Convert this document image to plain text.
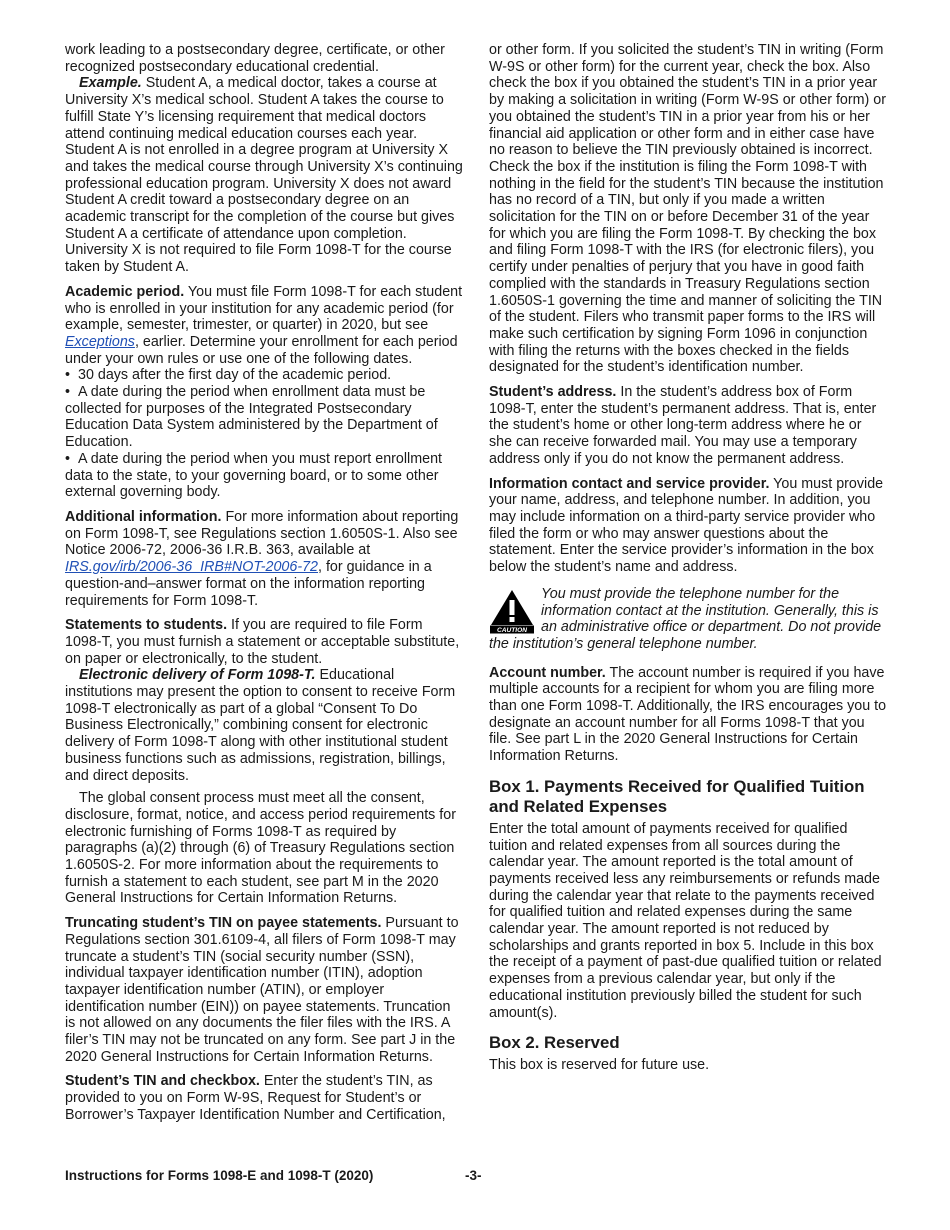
work leading to a postsecondary degree, certificate, or other recognized postsecondary educational credential.

Example. Student A, a medical doctor, takes a course at University X’s medical school. Student A takes the course to fulfill State Y’s licensing requirement that medical doctors attend continuing medical education courses each year. Student A is not enrolled in a degree program at University X and takes the medical course through University X’s continuing professional education program. University X does not award Student A credit toward a postsecondary degree on an academic transcript for the completion of the course but gives Student A a certificate of attendance upon completion. University X is not required to file Form 1098-T for the course taken by Student A.

Academic period. You must file Form 1098-T for each student who is enrolled in your institution for any academic period (for example, semester, trimester, or quarter) in 2020, but see Exceptions, earlier. Determine your enrollment for each period under your own rules or use one of the following dates.

• 30 days after the first day of the academic period.

• A date during the period when enrollment data must be collected for purposes of the Integrated Postsecondary Education Data System administered by the Department of Education.

• A date during the period when you must report enrollment data to the state, to your governing board, or to some other external governing body.

Additional information. For more information about reporting on Form 1098-T, see Regulations section 1.6050S-1. Also see Notice 2006-72, 2006-36 I.R.B. 363, available at IRS.gov/irb/2006-36_IRB#NOT-2006-72, for guidance in a question-and–answer format on the information reporting requirements for Form 1098-T.

Statements to students. If you are required to file Form 1098-T, you must furnish a statement or acceptable substitute, on paper or electronically, to the student.

Electronic delivery of Form 1098-T. Educational institutions may present the option to consent to receive Form 1098-T electronically as part of a global “Consent To Do Business Electronically,” combining consent for electronic delivery of Form 1098-T along with other institutional student business functions such as admissions, registration, billings, and direct deposits.

The global consent process must meet all the consent, disclosure, format, notice, and access period requirements for electronic furnishing of Forms 1098-T as required by paragraphs (a)(2) through (6) of Treasury Regulations section 1.6050S-2. For more information about the requirements to furnish a statement to each student, see part M in the 2020 General Instructions for Certain Information Returns.

Truncating student’s TIN on payee statements. Pursuant to Regulations section 301.6109-4, all filers of Form 1098-T may truncate a student’s TIN (social security number (SSN), individual taxpayer identification number (ITIN), adoption taxpayer identification number (ATIN), or employer identification number (EIN)) on payee statements. Truncation is not allowed on any documents the filer files with the IRS. A filer’s TIN may not be truncated on any form. See part J in the 2020 General Instructions for Certain Information Returns.

Student’s TIN and checkbox. Enter the student’s TIN, as provided to you on Form W-9S, Request for Student’s or Borrower’s Taxpayer Identification Number and Certification,

or other form. If you solicited the student’s TIN in writing (Form W-9S or other form) for the current year, check the box. Also check the box if you obtained the student’s TIN in a prior year by making a solicitation in writing (Form W-9S or other form) or you obtained the student’s TIN in a prior year from his or her financial aid application or other form and in either case have no reason to believe the TIN previously obtained is incorrect. Check the box if the institution is filing the Form 1098-T with nothing in the field for the student’s TIN because the institution has no record of a TIN, but only if you made a written solicitation for the TIN on or before December 31 of the year for which you are filing the Form 1098-T. By checking the box and filing Form 1098-T with the IRS (for electronic filers), you certify under penalties of perjury that you have in good faith complied with the standards in Treasury Regulations section 1.6050S-1 governing the time and manner of soliciting the TIN of the student. Filers who transmit paper forms to the IRS will make such certification by signing Form 1096 in conjunction with filing the returns with the boxes checked in the fields designated for the student’s identification number.

Student’s address. In the student’s address box of Form 1098-T, enter the student’s permanent address. That is, enter the student’s home or other long-term address where he or she can receive forwarded mail. You may use a temporary address only if you do not know the permanent address.

Information contact and service provider. You must provide your name, address, and telephone number. In addition, you may include information on a third-party service provider who filed the form or who may answer questions about the statement. Enter the service provider’s information in the box below the student’s name and address.

CAUTION
You must provide the telephone number for the information contact at the institution. Generally, this is an administrative office or department. Do not provide the institution’s general telephone number.

Account number. The account number is required if you have multiple accounts for a recipient for whom you are filing more than one Form 1098-T. Additionally, the IRS encourages you to designate an account number for all Forms 1098-T that you file. See part L in the 2020 General Instructions for Certain Information Returns.

Box 1. Payments Received for Qualified Tuition and Related Expenses

Enter the total amount of payments received for qualified tuition and related expenses from all sources during the calendar year. The amount reported is the total amount of payments received less any reimbursements or refunds made during the calendar year that relate to the payments received for qualified tuition and related expenses during the same calendar year. The amount reported is not reduced by scholarships and grants reported in box 5. Include in this box the receipt of a payment of past-due qualified tuition or related expenses from a previous calendar year, but only if the educational institution previously billed the student for such amount(s).

Box 2. Reserved

This box is reserved for future use.

Instructions for Forms 1098-E and 1098-T (2020)	-3-
